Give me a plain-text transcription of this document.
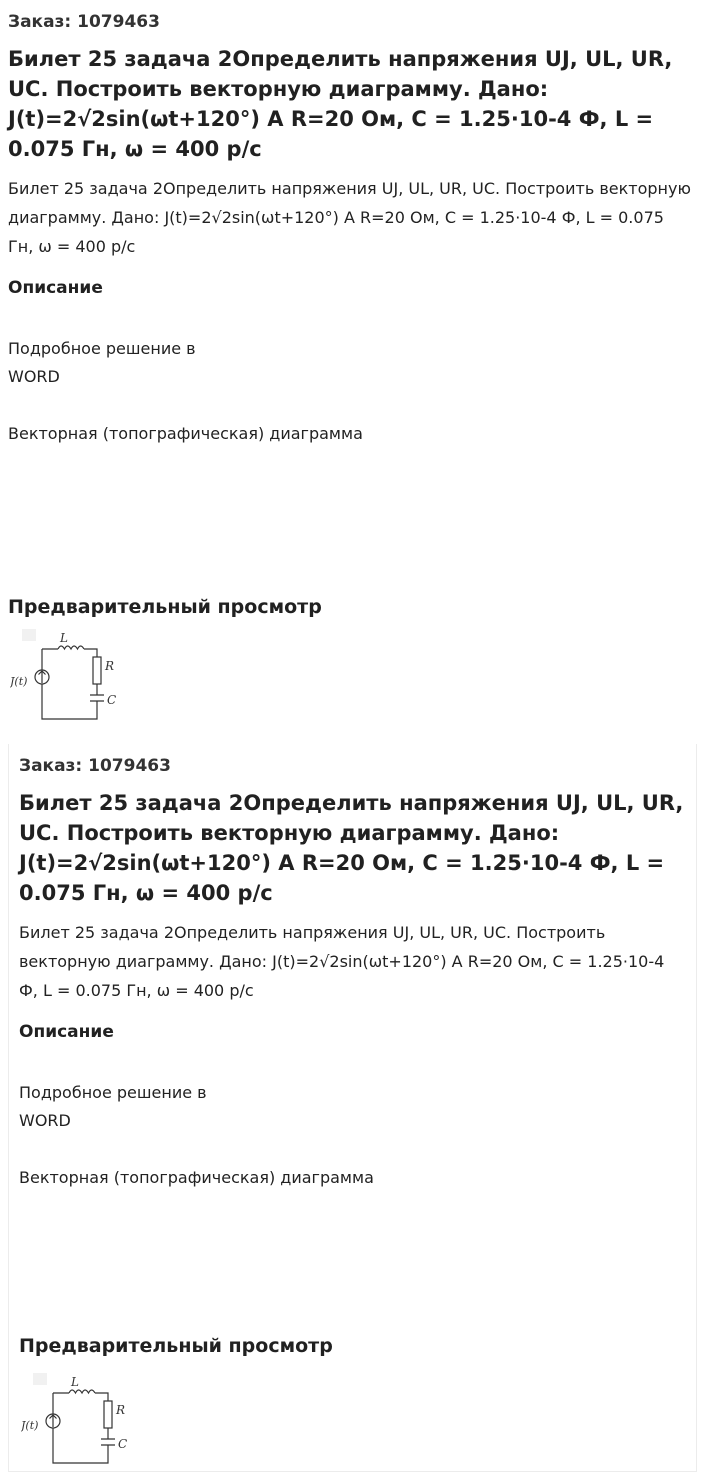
Заказ: 1079463

Билет 25 задача 2Определить напряжения UJ, UL, UR, UC. Построить векторную диаграмму. Дано: J(t)=2√2sin(ωt+120°) A R=20 Ом, C = 1.25·10-4 Ф, L = 0.075 Гн, ω = 400 р/с

Билет 25 задача 2Определить напряжения UJ, UL, UR, UC. Построить векторную диаграмму. Дано: J(t)=2√2sin(ωt+120°) A R=20 Ом, C = 1.25·10-4 Ф, L = 0.075 Гн, ω = 400 р/с

Описание

Подробное решение в

WORD

Векторная (топографическая) диаграмма

Предварительный просмотр
L
R
C
J(t)

Заказ: 1079463

Билет 25 задача 2Определить напряжения UJ, UL, UR, UC. Построить векторную диаграмму. Дано: J(t)=2√2sin(ωt+120°) A R=20 Ом, C = 1.25·10-4 Ф, L = 0.075 Гн, ω = 400 р/с

Билет 25 задача 2Определить напряжения UJ, UL, UR, UC. Построить векторную диаграмму. Дано: J(t)=2√2sin(ωt+120°) A R=20 Ом, C = 1.25·10-4 Ф, L = 0.075 Гн, ω = 400 р/с

Описание

Подробное решение в

WORD

Векторная (топографическая) диаграмма

Предварительный просмотр
L
R
C
J(t)
